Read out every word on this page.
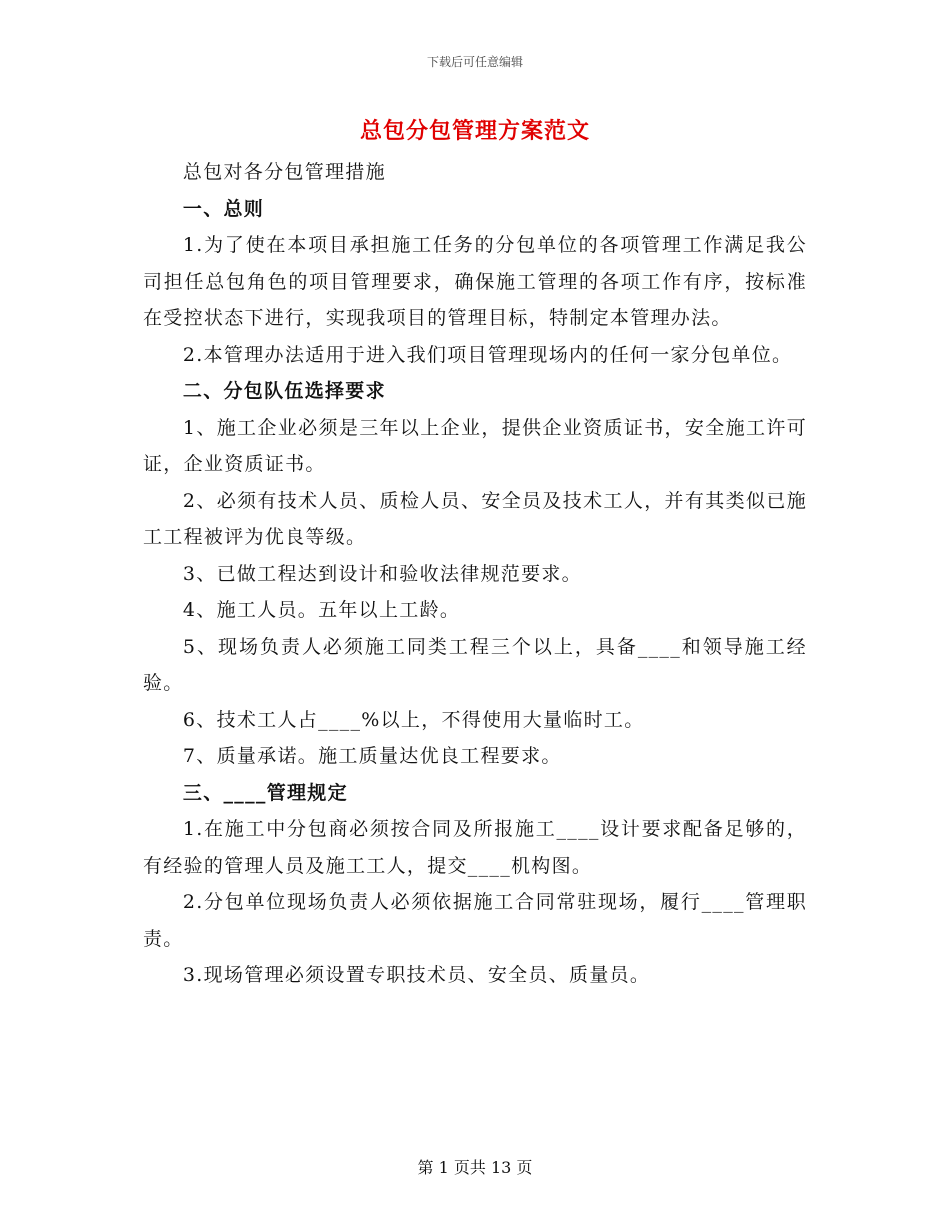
下载后可任意编辑
总包分包管理方案范文

总包对各分包管理措施

一、总则

1.为了使在本项目承担施工任务的分包单位的各项管理工作满足我公司担任总包角色的项目管理要求，确保施工管理的各项工作有序，按标准在受控状态下进行，实现我项目的管理目标，特制定本管理办法。

2.本管理办法适用于进入我们项目管理现场内的任何一家分包单位。

二、分包队伍选择要求

1、施工企业必须是三年以上企业，提供企业资质证书，安全施工许可证，企业资质证书。

2、必须有技术人员、质检人员、安全员及技术工人，并有其类似已施工工程被评为优良等级。

3、已做工程达到设计和验收法律规范要求。

4、施工人员。五年以上工龄。

5、现场负责人必须施工同类工程三个以上，具备____和领导施工经验。

6、技术工人占____%以上，不得使用大量临时工。

7、质量承诺。施工质量达优良工程要求。

三、____管理规定

1.在施工中分包商必须按合同及所报施工____设计要求配备足够的，有经验的管理人员及施工工人，提交____机构图。

2.分包单位现场负责人必须依据施工合同常驻现场，履行____管理职责。

3.现场管理必须设置专职技术员、安全员、质量员。

第 1 页共 13 页
